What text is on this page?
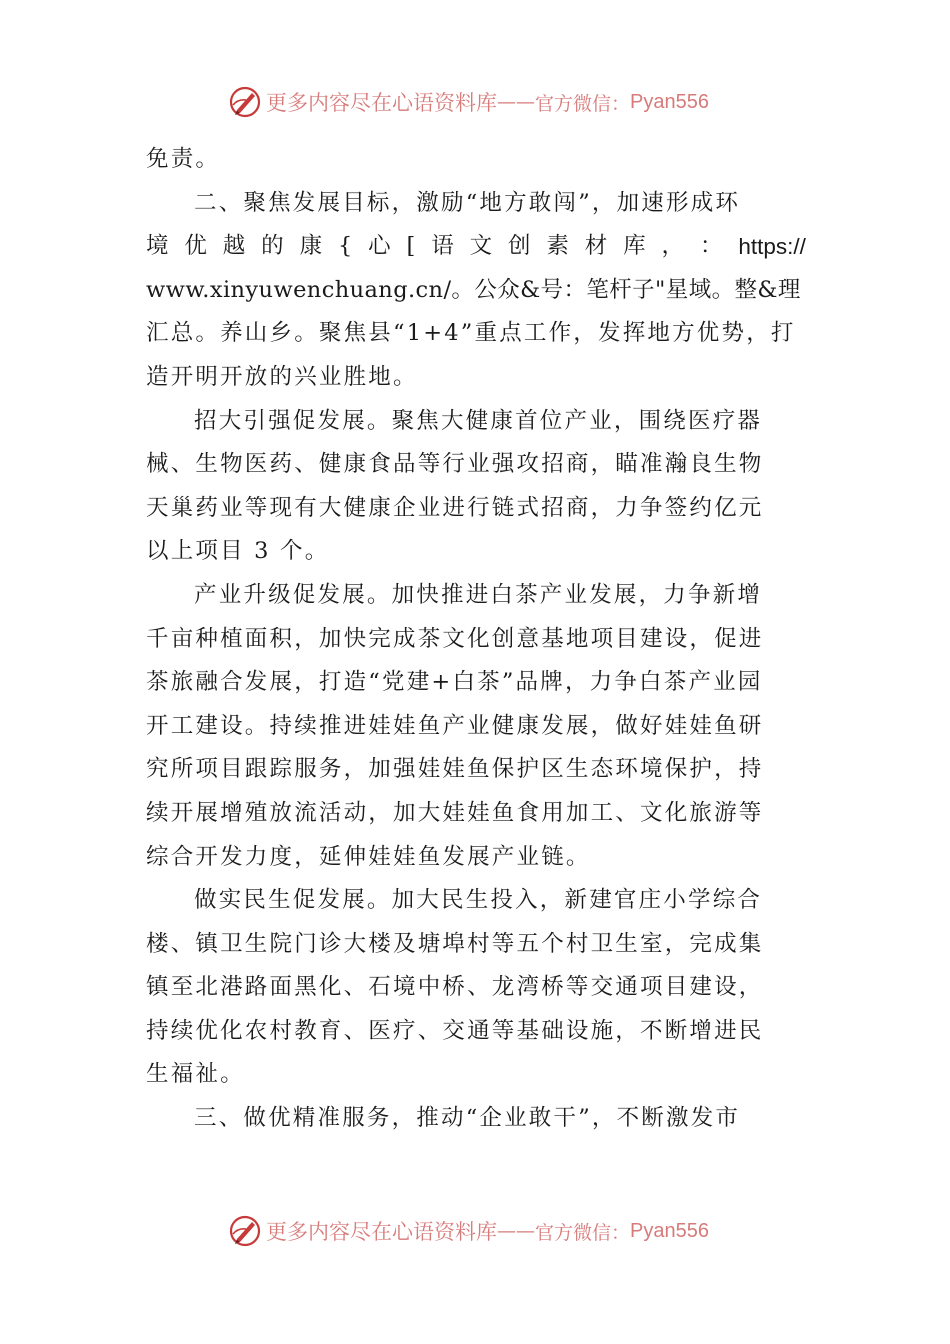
更多内容尽在心语资料库 —— 官方微信： Pyan556
免责。
二、聚焦发展目标，激励“地方敢闯”，加速形成环
境 优 越 的 康 { 心 [ 语 文 创 素 材 库 ， ： https://
www.xinyuwenchuang.cn/。公众&号：笔杆子"星域。整&理
汇总。养山乡。聚焦县“1+4”重点工作，发挥地方优势，打
造开明开放的兴业胜地。
招大引强促发展。聚焦大健康首位产业，围绕医疗器
械、生物医药、健康食品等行业强攻招商，瞄准瀚良生物
天巢药业等现有大健康企业进行链式招商，力争签约亿元
以上项目 3 个。
产业升级促发展。加快推进白茶产业发展，力争新增
千亩种植面积，加快完成茶文化创意基地项目建设，促进
茶旅融合发展，打造“党建+白茶”品牌，力争白茶产业园
开工建设。持续推进娃娃鱼产业健康发展，做好娃娃鱼研
究所项目跟踪服务，加强娃娃鱼保护区生态环境保护，持
续开展增殖放流活动，加大娃娃鱼食用加工、文化旅游等
综合开发力度，延伸娃娃鱼发展产业链。
做实民生促发展。加大民生投入，新建官庄小学综合
楼、镇卫生院门诊大楼及塘埠村等五个村卫生室，完成集
镇至北港路面黑化、石境中桥、龙湾桥等交通项目建设，
持续优化农村教育、医疗、交通等基础设施，不断增进民
生福祉。
三、做优精准服务，推动“企业敢干”，不断激发市
更多内容尽在心语资料库 —— 官方微信： Pyan556
